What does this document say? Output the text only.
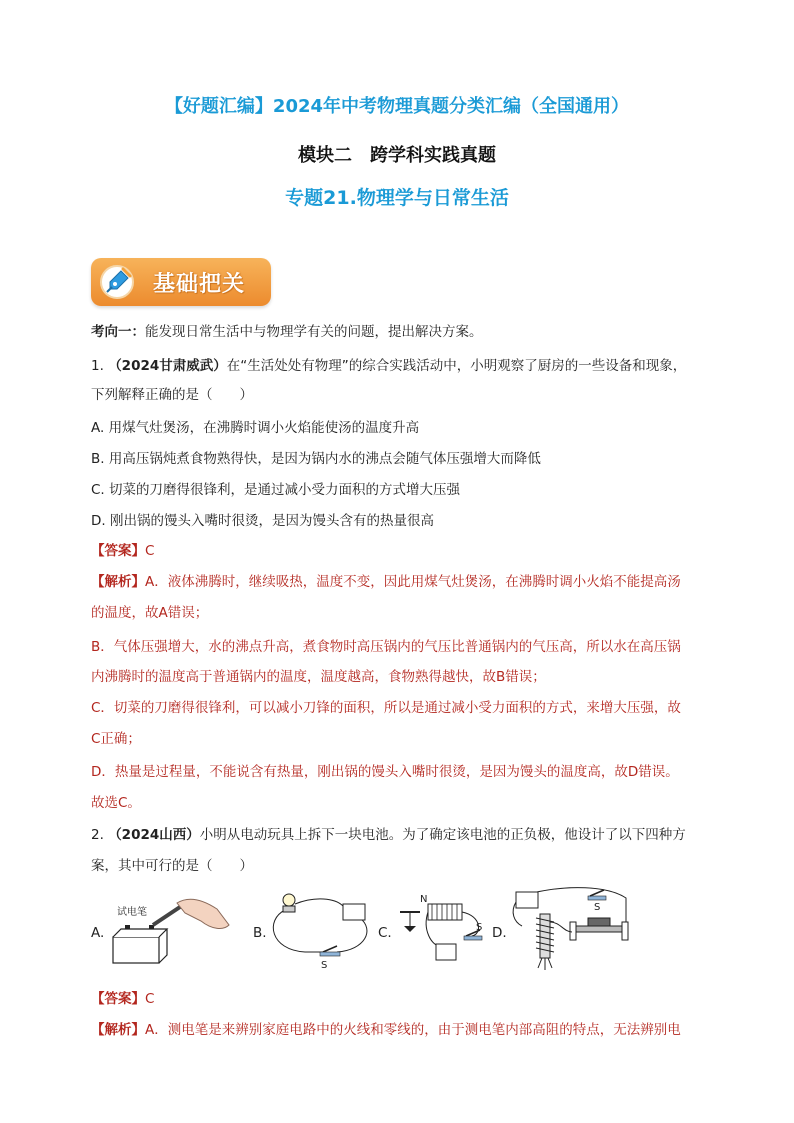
【好题汇编】2024年中考物理真题分类汇编（全国通用）
模块二　跨学科实践真题
专题21.物理学与日常生活
基础把关
考向一：能发现日常生活中与物理学有关的问题，提出解决方案。
1. （2024甘肃威武）在“生活处处有物理”的综合实践活动中，小明观察了厨房的一些设备和现象，
下列解释正确的是（　　）
A. 用煤气灶煲汤，在沸腾时调小火焰能使汤的温度升高
B. 用高压锅炖煮食物熟得快，是因为锅内水的沸点会随气体压强增大而降低
C. 切菜的刀磨得很锋利，是通过减小受力面积的方式增大压强
D. 刚出锅的馒头入嘴时很烫，是因为馒头含有的热量很高
【答案】C
【解析】A．液体沸腾时，继续吸热，温度不变，因此用煤气灶煲汤，在沸腾时调小火焰不能提高汤
的温度，故A错误；
B．气体压强增大，水的沸点升高，煮食物时高压锅内的气压比普通锅内的气压高，所以水在高压锅
内沸腾时的温度高于普通锅内的温度，温度越高，食物熟得越快，故B错误；
C．切菜的刀磨得很锋利，可以减小刀锋的面积，所以是通过减小受力面积的方式，来增大压强，故
C正确；
D．热量是过程量，不能说含有热量，刚出锅的馒头入嘴时很烫，是因为馒头的温度高，故D错误。
故选C。
2. （2024山西）小明从电动玩具上拆下一块电池。为了确定该电池的正负极，他设计了以下四种方
案，其中可行的是（　　）
A.
试电笔
B.
S
C.
N
S D.
S
【答案】C
【解析】A．测电笔是来辨别家庭电路中的火线和零线的，由于测电笔内部高阻的特点，无法辨别电
